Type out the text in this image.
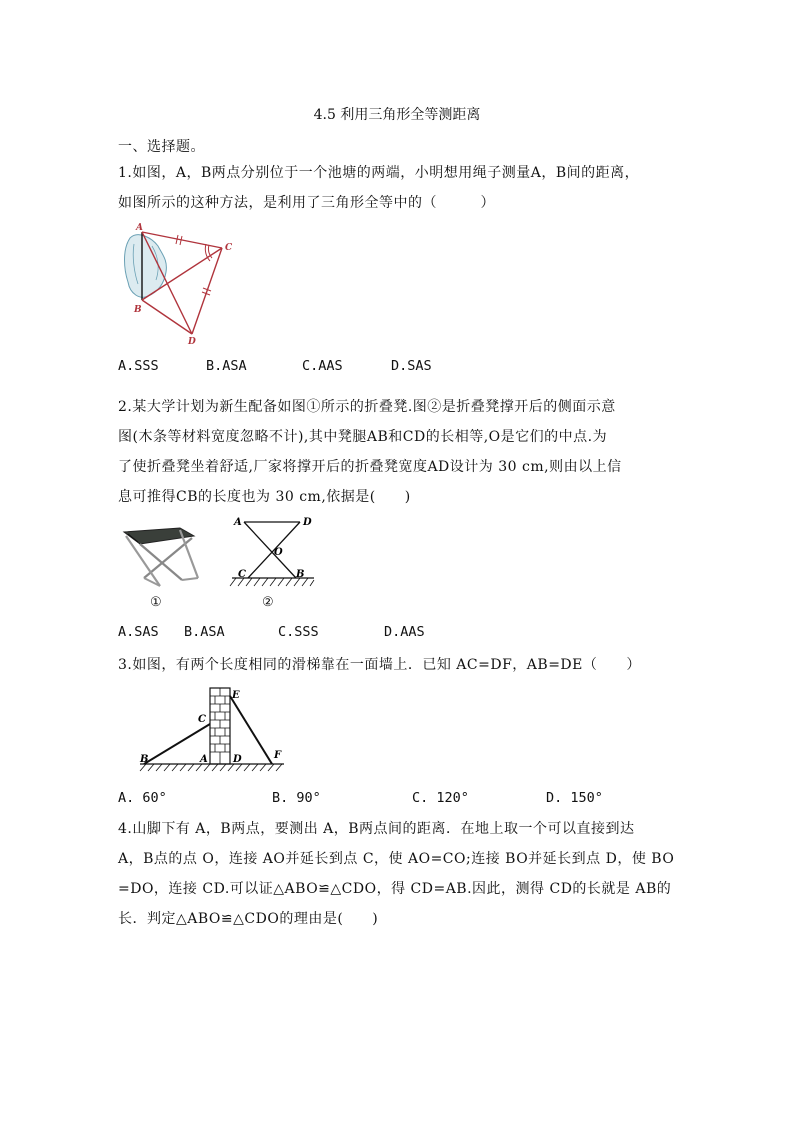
4.5 利用三角形全等测距离
一、选择题。
1.如图，A，B两点分别位于一个池塘的两端，小明想用绳子测量A，B间的距离，
如图所示的这种方法，是利用了三角形全等中的（　　　）
A
B
C
D
A.SSS	B.ASA	C.AAS	D.SAS
2.某大学计划为新生配备如图①所示的折叠凳.图②是折叠凳撑开后的侧面示意
图(木条等材料宽度忽略不计),其中凳腿AB和CD的长相等,O是它们的中点.为
了使折叠凳坐着舒适,厂家将撑开后的折叠凳宽度AD设计为 30 cm,则由以上信
息可推得CB的长度也为 30 cm,依据是(　　)
①
A	D
O
C	B
②
A.SAS B.ASA	C.SSS	D.AAS
3.如图，有两个长度相同的滑梯靠在一面墙上．已知 AC=DF，AB=DE（　　）
E
C
B	A	D	F
A. 60°	B. 90°	C. 120°	D. 150°
4.山脚下有 A，B两点，要测出 A，B两点间的距离．在地上取一个可以直接到达
A，B点的点 O，连接 AO并延长到点 C，使 AO=CO;连接 BO并延长到点 D，使 BO
=DO，连接 CD.可以证△ABO≌△CDO，得 CD=AB.因此，测得 CD的长就是 AB的
长．判定△ABO≌△CDO的理由是(　　)
